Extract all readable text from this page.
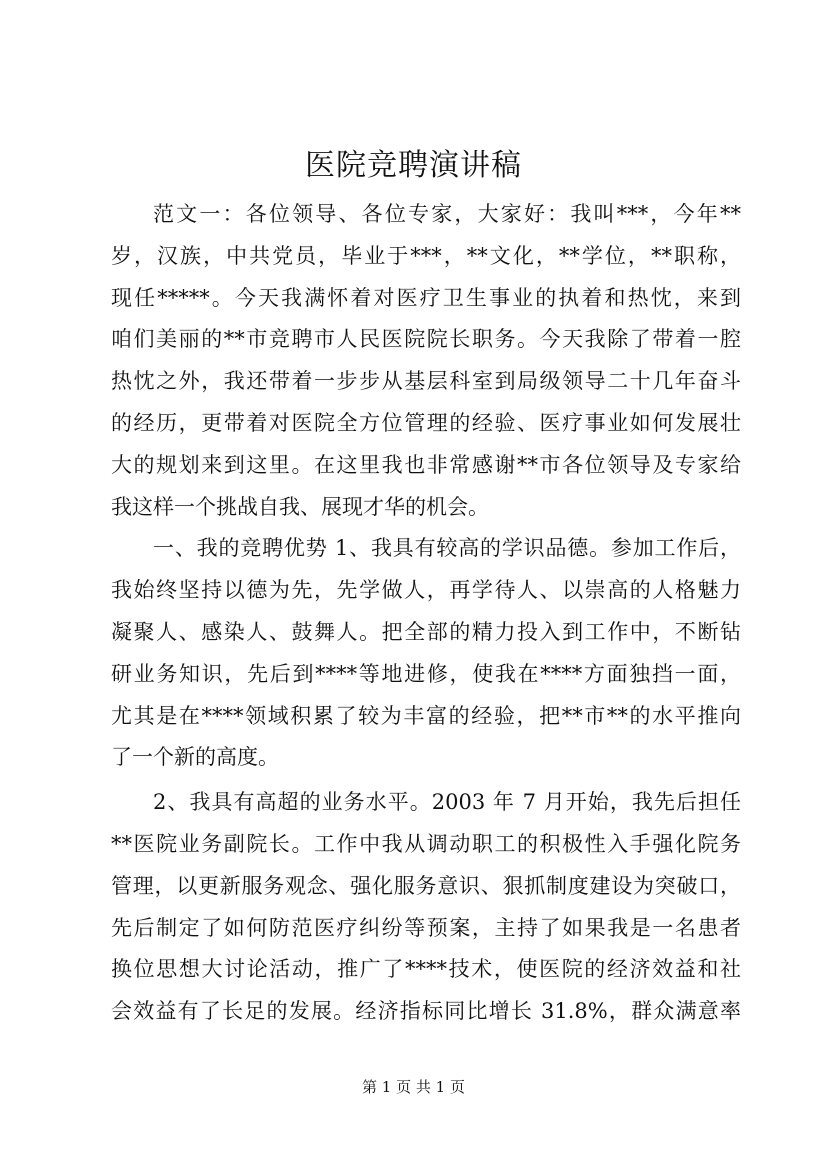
医院竞聘演讲稿
范文一：各位领导、各位专家，大家好：我叫***，今年**
岁，汉族，中共党员，毕业于***，**文化，**学位，**职称，
现任*****。今天我满怀着对医疗卫生事业的执着和热忱，来到
咱们美丽的**市竞聘市人民医院院长职务。今天我除了带着一腔
热忱之外，我还带着一步步从基层科室到局级领导二十几年奋斗
的经历，更带着对医院全方位管理的经验、医疗事业如何发展壮
大的规划来到这里。在这里我也非常感谢**市各位领导及专家给
我这样一个挑战自我、展现才华的机会。
一、我的竞聘优势 1、我具有较高的学识品德。参加工作后，
我始终坚持以德为先，先学做人，再学待人、以崇高的人格魅力
凝聚人、感染人、鼓舞人。把全部的精力投入到工作中，不断钻
研业务知识，先后到****等地进修，使我在****方面独挡一面，
尤其是在****领域积累了较为丰富的经验，把**市**的水平推向
了一个新的高度。
2、我具有高超的业务水平。2003 年 7 月开始，我先后担任
**医院业务副院长。工作中我从调动职工的积极性入手强化院务
管理，以更新服务观念、强化服务意识、狠抓制度建设为突破口，
先后制定了如何防范医疗纠纷等预案，主持了如果我是一名患者
换位思想大讨论活动，推广了****技术，使医院的经济效益和社
会效益有了长足的发展。经济指标同比增长 31.8%，群众满意率
第 1 页 共 1 页
